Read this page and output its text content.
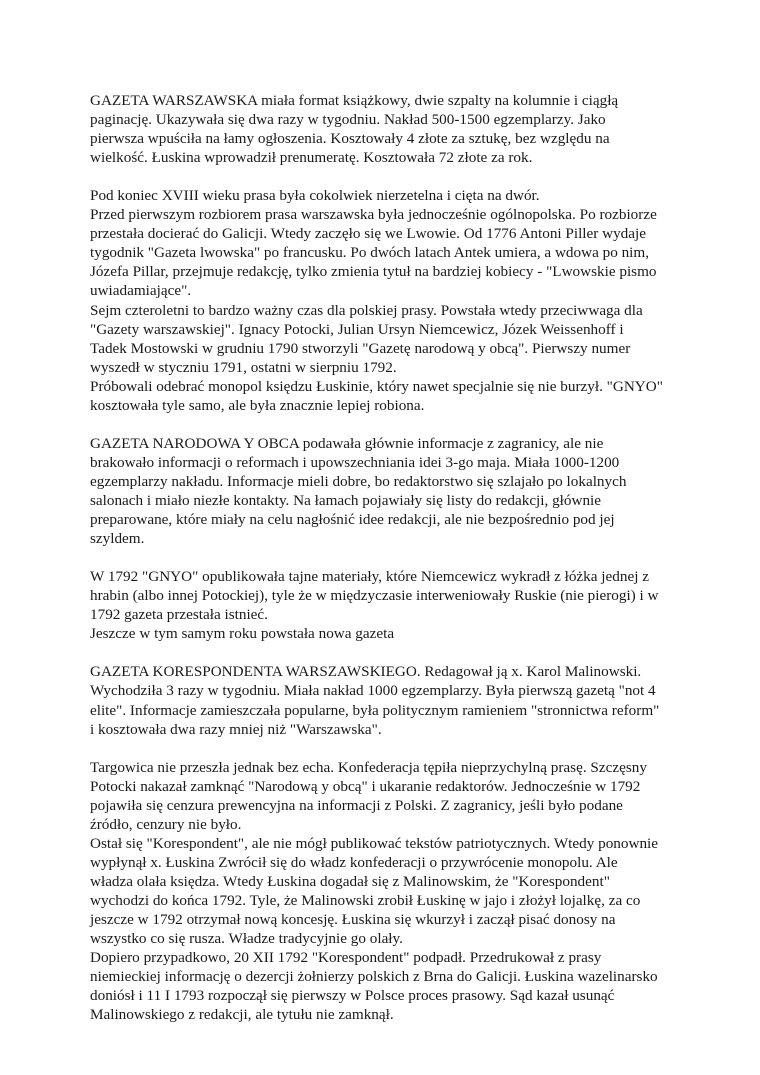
GAZETA WARSZAWSKA miała format książkowy, dwie szpalty na kolumnie i ciągłą
paginację. Ukazywała się dwa razy w tygodniu. Nakład 500-1500 egzemplarzy. Jako
pierwsza wpuściła na łamy ogłoszenia. Kosztowały 4 złote za sztukę, bez względu na
wielkość. Łuskina wprowadził prenumeratę. Kosztowała 72 złote za rok.

Pod koniec XVIII wieku prasa była cokolwiek nierzetelna i cięta na dwór.
Przed pierwszym rozbiorem prasa warszawska była jednocześnie ogólnopolska. Po rozbiorze
przestała docierać do Galicji. Wtedy zaczęło się we Lwowie. Od 1776 Antoni Piller wydaje
tygodnik "Gazeta lwowska" po francusku. Po dwóch latach Antek umiera, a wdowa po nim,
Józefa Pillar, przejmuje redakcję, tylko zmienia tytuł na bardziej kobiecy - "Lwowskie pismo
uwiadamiające".
Sejm czteroletni to bardzo ważny czas dla polskiej prasy. Powstała wtedy przeciwwaga dla
"Gazety warszawskiej". Ignacy Potocki, Julian Ursyn Niemcewicz, Józek Weissenhoff i
Tadek Mostowski w grudniu 1790 stworzyli "Gazetę narodową y obcą". Pierwszy numer
wyszedł w styczniu 1791, ostatni w sierpniu 1792.
Próbowali odebrać monopol księdzu Łuskinie, który nawet specjalnie się nie burzył. "GNYO"
kosztowała tyle samo, ale była znacznie lepiej robiona.

GAZETA NARODOWA Y OBCA podawała głównie informacje z zagranicy, ale nie
brakowało informacji o reformach i upowszechniania idei 3-go maja. Miała 1000-1200
egzemplarzy nakładu. Informacje mieli dobre, bo redaktorstwo się szlajało po lokalnych
salonach i miało niezłe kontakty. Na łamach pojawiały się listy do redakcji, głównie
preparowane, które miały na celu nagłośnić idee redakcji, ale nie bezpośrednio pod jej
szyldem.

W 1792 "GNYO" opublikowała tajne materiały, które Niemcewicz wykradł z łóżka jednej z
hrabin (albo innej Potockiej), tyle że w międzyczasie interweniowały Ruskie (nie pierogi) i w
1792 gazeta przestała istnieć.
Jeszcze w tym samym roku powstała nowa gazeta

GAZETA KORESPONDENTA WARSZAWSKIEGO. Redagował ją x. Karol Malinowski.
Wychodziła 3 razy w tygodniu. Miała nakład 1000 egzemplarzy. Była pierwszą gazetą "not 4
elite". Informacje zamieszczała popularne, była politycznym ramieniem "stronnictwa reform"
i kosztowała dwa razy mniej niż "Warszawska".

Targowica nie przeszła jednak bez echa. Konfederacja tępiła nieprzychylną prasę. Szczęsny
Potocki nakazał zamknąć "Narodową y obcą" i ukaranie redaktorów. Jednocześnie w 1792
pojawiła się cenzura prewencyjna na informacji z Polski. Z zagranicy, jeśli było podane
źródło, cenzury nie było.
Ostał się "Korespondent", ale nie mógł publikować tekstów patriotycznych. Wtedy ponownie
wypłynął x. Łuskina Zwrócił się do władz konfederacji o przywrócenie monopolu. Ale
władza olała księdza. Wtedy Łuskina dogadał się z Malinowskim, że "Korespondent"
wychodzi do końca 1792. Tyle, że Malinowski zrobił Łuskinę w jajo i złożył lojalkę, za co
jeszcze w 1792 otrzymał nową koncesję. Łuskina się wkurzył i zaczął pisać donosy na
wszystko co się rusza. Władze tradycyjnie go olały.
Dopiero przypadkowo, 20 XII 1792 "Korespondent" podpadł. Przedrukował z prasy
niemieckiej informację o dezercji żołnierzy polskich z Brna do Galicji. Łuskina wazelinarsko
doniósł i 11 I 1793 rozpoczął się pierwszy w Polsce proces prasowy. Sąd kazał usunąć
Malinowskiego z redakcji, ale tytułu nie zamknął.
